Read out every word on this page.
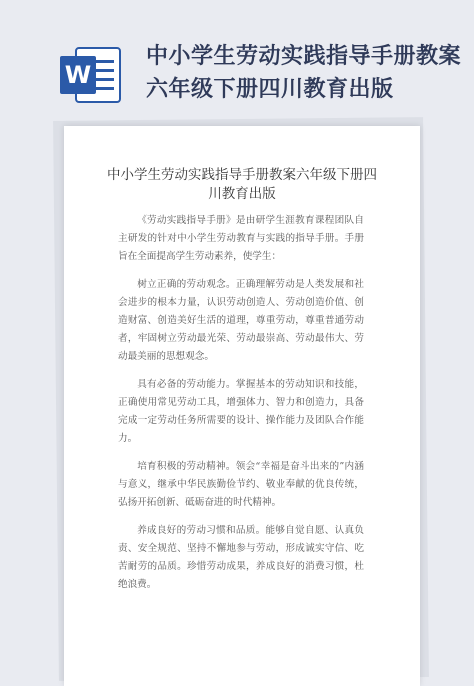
W
中小学生劳动实践指导手册教案六年级下册四川教育出版
中小学生劳动实践指导手册教案六年级下册四川教育出版

《劳动实践指导手册》是由研学生涯教育课程团队自主研发的针对中小学生劳动教育与实践的指导手册。手册旨在全面提高学生劳动素养，使学生：

树立正确的劳动观念。正确理解劳动是人类发展和社会进步的根本力量，认识劳动创造人、劳动创造价值、创造财富、创造美好生活的道理，尊重劳动，尊重普通劳动者，牢固树立劳动最光荣、劳动最崇高、劳动最伟大、劳动最美丽的思想观念。

具有必备的劳动能力。掌握基本的劳动知识和技能，正确使用常见劳动工具，增强体力、智力和创造力，具备完成一定劳动任务所需要的设计、操作能力及团队合作能力。

培育积极的劳动精神。领会“幸福是奋斗出来的”内涵与意义，继承中华民族勤俭节约、敬业奉献的优良传统，弘扬开拓创新、砥砺奋进的时代精神。

养成良好的劳动习惯和品质。能够自觉自愿、认真负责、安全规范、坚持不懈地参与劳动，形成诚实守信、吃苦耐劳的品质。珍惜劳动成果，养成良好的消费习惯，杜绝浪费。
